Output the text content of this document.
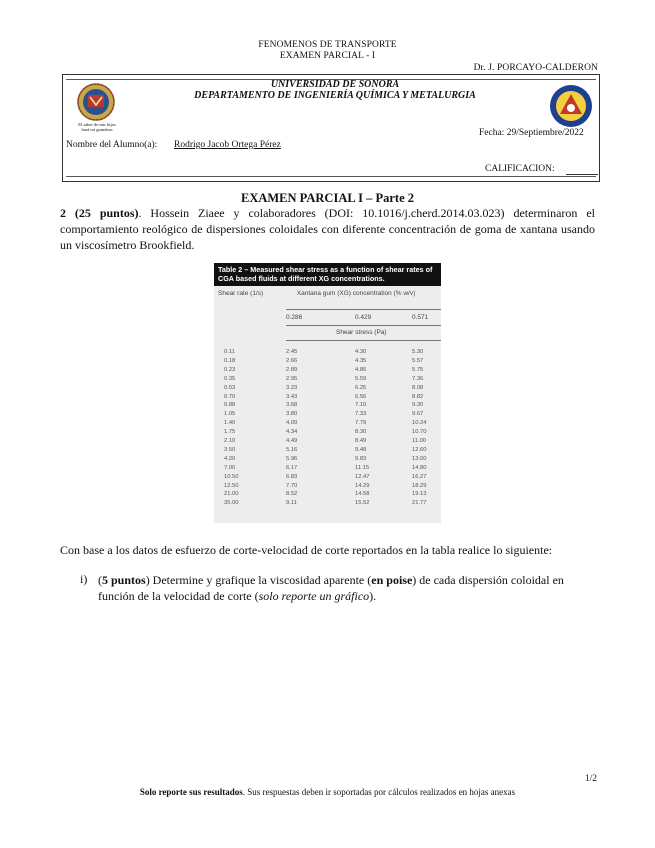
FENOMENOS DE TRANSPORTE
EXAMEN PARCIAL - I
Dr. J. PORCAYO-CALDERON
El saber de mis hijos
hará mi grandeza
UNIVERSIDAD DE SONORA
DEPARTAMENTO DE INGENIERÍA QUÍMICA Y METALURGIA
Fecha: 29/Septiembre/2022
Nombre del Alumno(a): Rodrigo Jacob Ortega Pérez
CALIFICACION:
EXAMEN PARCIAL I – Parte 2
2 (25 puntos). Hossein Ziaee y colaboradores (DOI: 10.1016/j.cherd.2014.03.023) determinaron el comportamiento reológico de dispersiones coloidales con diferente concentración de goma de xantana usando un viscosímetro Brookfield.
Table 2 – Measured shear stress as a function of shear rates of CGA based fluids at different XG concentrations.
Shear rate (1/s)	Xantana gum (XG) concentration (% w/v)
0.286	0.429	0.571
Shear stress (Pa)
0.11	2.45	4.30	5.30
0.18	2.66	4.35	5.57
0.23	2.89	4.86	5.75
0.35	2.95	5.59	7.36
0.53	3.23	6.25	8.08
0.70	3.43	6.56	8.82
0.88	3.68	7.10	9.30
1.05	3.80	7.33	9.67
1.40	4.09	7.79	10.24
1.75	4.34	8.30	10.70
2.10	4.49	8.49	11.00
3.50	5.16	9.48	12.60
4.20	5.96	9.83	13.00
7.00	6.17	11.15	14.80
10.50	6.83	12.47	16.27
12.50	7.70	14.29	18.29
21.00	8.52	14.58	19.13
35.00	9.11	15.52	21.77
Con base a los datos de esfuerzo de corte-velocidad de corte reportados en la tabla realice lo siguiente:
i) (5 puntos) Determine y grafique la viscosidad aparente (en poise) de cada dispersión coloidal en función de la velocidad de corte (solo reporte un gráfico).
1/2
Solo reporte sus resultados. Sus respuestas deben ir soportadas por cálculos realizados en hojas anexas
